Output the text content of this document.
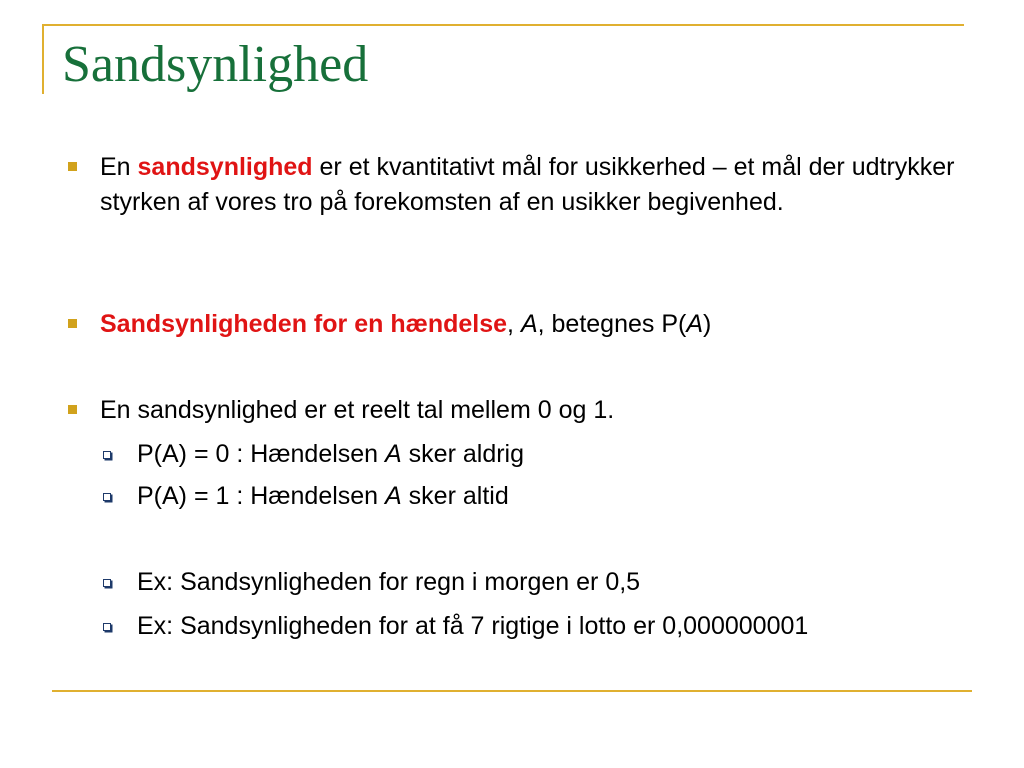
Sandsynlighed
En sandsynlighed er et kvantitativt mål for usikkerhed – et mål der udtrykker styrken af vores tro på forekomsten af en usikker begivenhed.
Sandsynligheden for en hændelse, A, betegnes P(A)
En sandsynlighed er et reelt tal mellem 0 og 1.
P(A) = 0 : Hændelsen A sker aldrig
P(A) = 1 : Hændelsen A sker altid
Ex: Sandsynligheden for regn i morgen er 0,5
Ex: Sandsynligheden for at få 7 rigtige i lotto er 0,000000001
